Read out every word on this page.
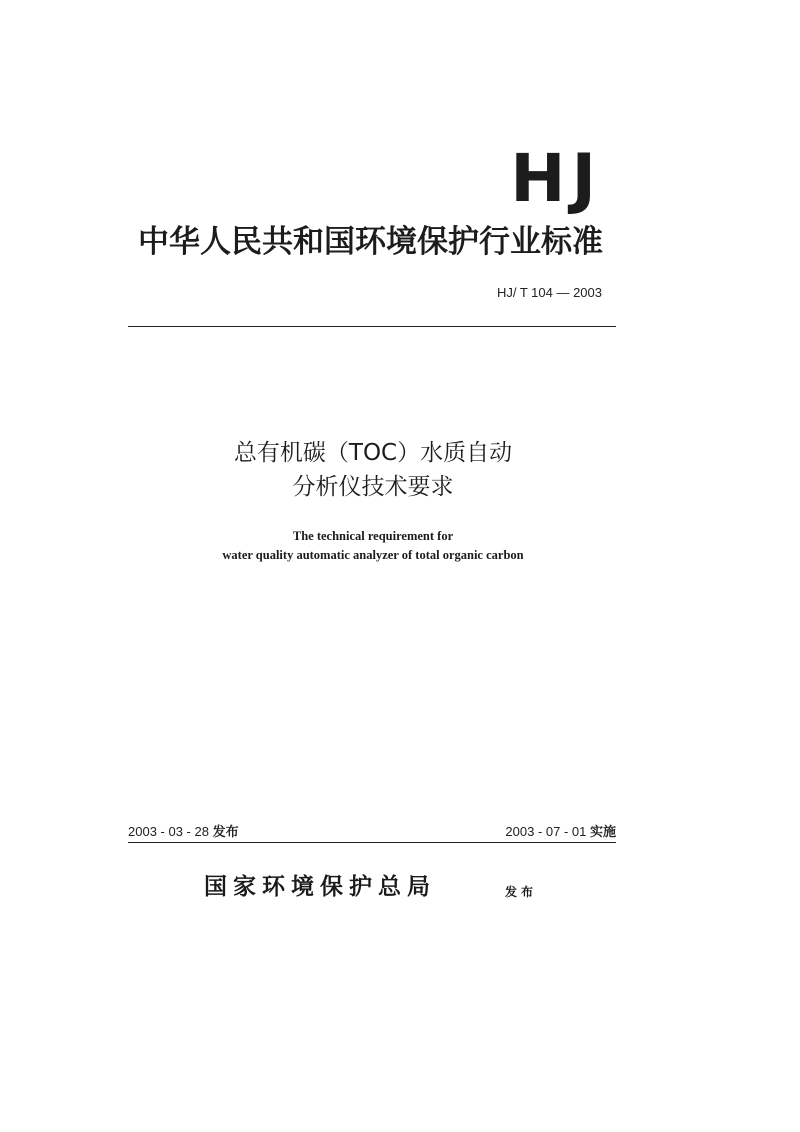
HJ
中华人民共和国环境保护行业标准
HJ/ T 104 — 2003
总有机碳（TOC）水质自动
分析仪技术要求
The technical requirement for
water quality automatic analyzer of total organic carbon
2003 - 03 - 28 发布	2003 - 07 - 01 实施
国家环境保护总局	发布
